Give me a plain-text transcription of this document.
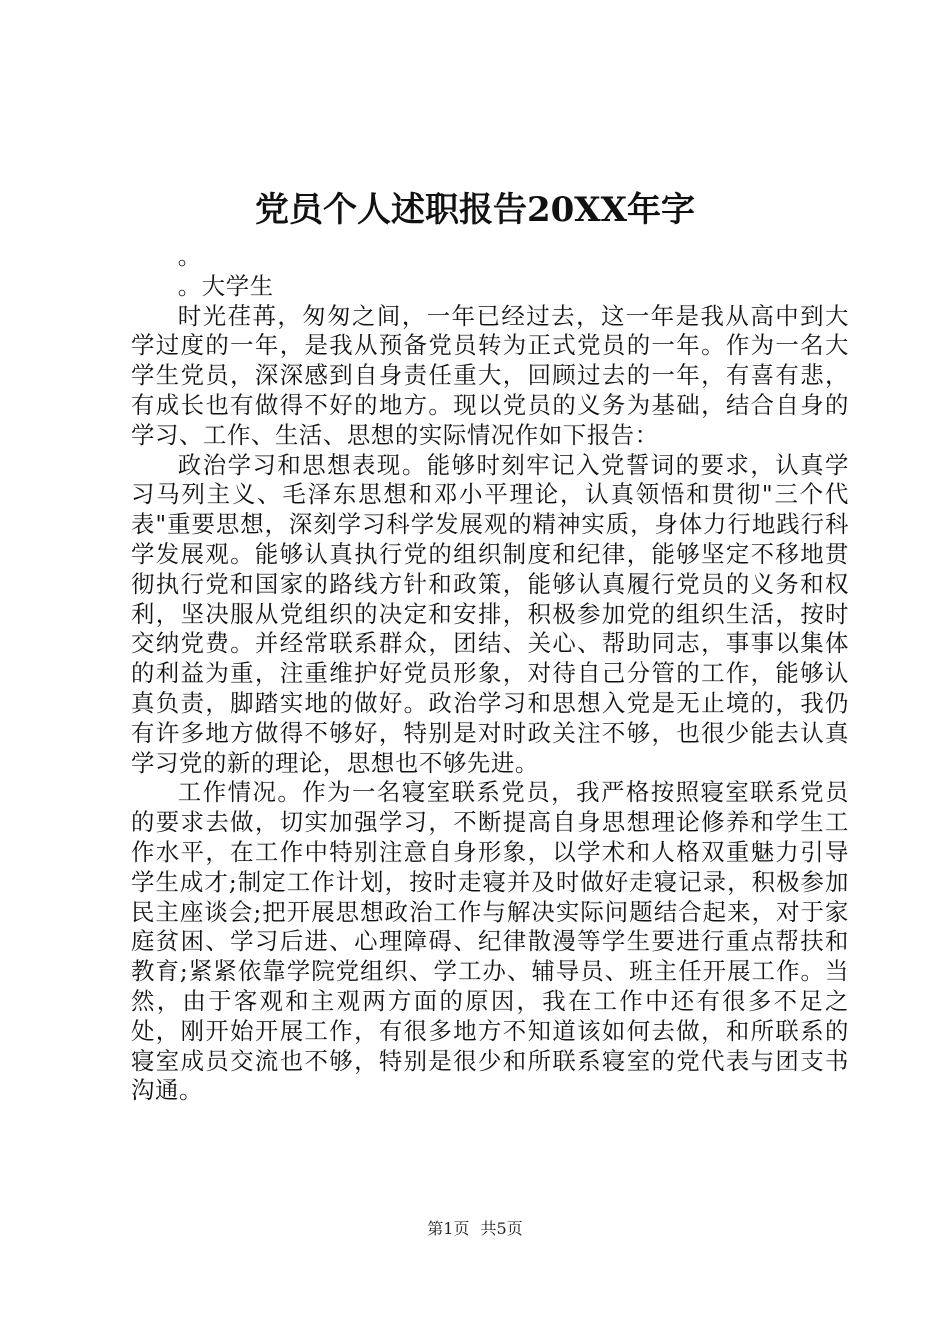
党员个人述职报告20XX年字

。

。大学生

时光荏苒，匆匆之间，一年已经过去，这一年是我从高中到大学过度的一年，是我从预备党员转为正式党员的一年。作为一名大学生党员，深深感到自身责任重大，回顾过去的一年，有喜有悲，有成长也有做得不好的地方。现以党员的义务为基础，结合自身的学习、工作、生活、思想的实际情况作如下报告：

政治学习和思想表现。能够时刻牢记入党誓词的要求，认真学习马列主义、毛泽东思想和邓小平理论，认真领悟和贯彻"三个代表"重要思想，深刻学习科学发展观的精神实质，身体力行地践行科学发展观。能够认真执行党的组织制度和纪律，能够坚定不移地贯彻执行党和国家的路线方针和政策，能够认真履行党员的义务和权利，坚决服从党组织的决定和安排，积极参加党的组织生活，按时交纳党费。并经常联系群众，团结、关心、帮助同志，事事以集体的利益为重，注重维护好党员形象，对待自己分管的工作，能够认真负责，脚踏实地的做好。政治学习和思想入党是无止境的，我仍有许多地方做得不够好，特别是对时政关注不够，也很少能去认真学习党的新的理论，思想也不够先进。

工作情况。作为一名寝室联系党员，我严格按照寝室联系党员的要求去做，切实加强学习，不断提高自身思想理论修养和学生工作水平，在工作中特别注意自身形象，以学术和人格双重魅力引导学生成才;制定工作计划，按时走寝并及时做好走寝记录，积极参加民主座谈会;把开展思想政治工作与解决实际问题结合起来，对于家庭贫困、学习后进、心理障碍、纪律散漫等学生要进行重点帮扶和教育;紧紧依靠学院党组织、学工办、辅导员、班主任开展工作。当然，由于客观和主观两方面的原因，我在工作中还有很多不足之处，刚开始开展工作，有很多地方不知道该如何去做，和所联系的寝室成员交流也不够，特别是很少和所联系寝室的党代表与团支书沟通。

第1页 共5页
